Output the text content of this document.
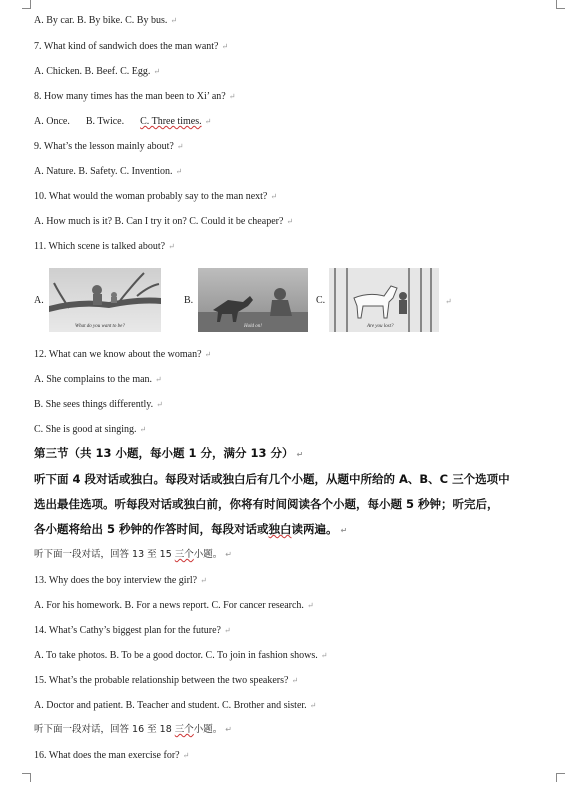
A. By car. B. By bike. C. By bus. ↵
7. What kind of sandwich does the man want? ↵
A. Chicken. B. Beef. C. Egg. ↵
8. How many times has the man been to Xi’ an? ↵
A. Once. B. Twice. C. Three times. ↵
9. What’s the lesson mainly about? ↵
A. Nature. B. Safety. C. Invention. ↵
10. What would the woman probably say to the man next? ↵
A. How much is it? B. Can I try it on? C. Could it be cheaper? ↵
11. Which scene is talked about? ↵
A.
What do you want to be?
B.
Hold on!
C.
Are you lost?
↵
12. What can we know about the woman? ↵
A. She complains to the man. ↵
B. She sees things differently. ↵
C. She is good at singing. ↵
第三节（共 13 小题，每小题 1 分，满分 13 分） ↵
听下面 4 段对话或独白。每段对话或独白后有几个小题，从题中所给的 A、B、C 三个选项中
选出最佳选项。听每段对话或独白前，你将有时间阅读各个小题，每小题 5 秒钟；听完后，
各小题将给出 5 秒钟的作答时间，每段对话或独白读两遍。 ↵
听下面一段对话，回答 13 至 15 三个小题。 ↵
13. Why does the boy interview the girl? ↵
A. For his homework. B. For a news report. C. For cancer research. ↵
14. What’s Cathy’s biggest plan for the future? ↵
A. To take photos. B. To be a good doctor. C. To join in fashion shows. ↵
15. What’s the probable relationship between the two speakers? ↵
A. Doctor and patient. B. Teacher and student. C. Brother and sister. ↵
听下面一段对话，回答 16 至 18 三个小题。 ↵
16. What does the man exercise for? ↵
